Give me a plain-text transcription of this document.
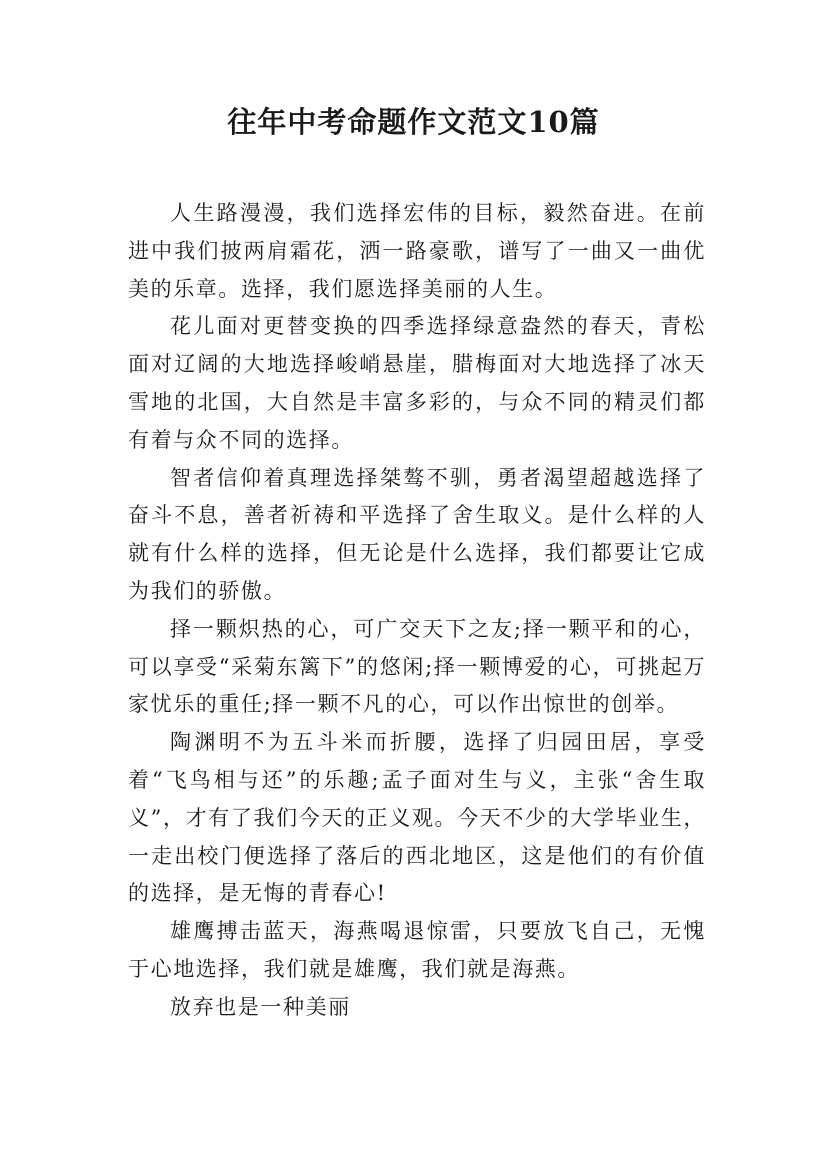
往年中考命题作文范文10篇

人生路漫漫，我们选择宏伟的目标，毅然奋进。在前进中我们披两肩霜花，洒一路豪歌，谱写了一曲又一曲优美的乐章。选择，我们愿选择美丽的人生。

花儿面对更替变换的四季选择绿意盎然的春天，青松面对辽阔的大地选择峻峭悬崖，腊梅面对大地选择了冰天雪地的北国，大自然是丰富多彩的，与众不同的精灵们都有着与众不同的选择。

智者信仰着真理选择桀骜不驯，勇者渴望超越选择了奋斗不息，善者祈祷和平选择了舍生取义。是什么样的人就有什么样的选择，但无论是什么选择，我们都要让它成为我们的骄傲。

择一颗炽热的心，可广交天下之友;择一颗平和的心，可以享受“采菊东篱下”的悠闲;择一颗博爱的心，可挑起万家忧乐的重任;择一颗不凡的心，可以作出惊世的创举。

陶渊明不为五斗米而折腰，选择了归园田居，享受着“飞鸟相与还”的乐趣;孟子面对生与义，主张“舍生取义”，才有了我们今天的正义观。今天不少的大学毕业生，一走出校门便选择了落后的西北地区，这是他们的有价值的选择，是无悔的青春心!

雄鹰搏击蓝天，海燕喝退惊雷，只要放飞自己，无愧于心地选择，我们就是雄鹰，我们就是海燕。

放弃也是一种美丽
